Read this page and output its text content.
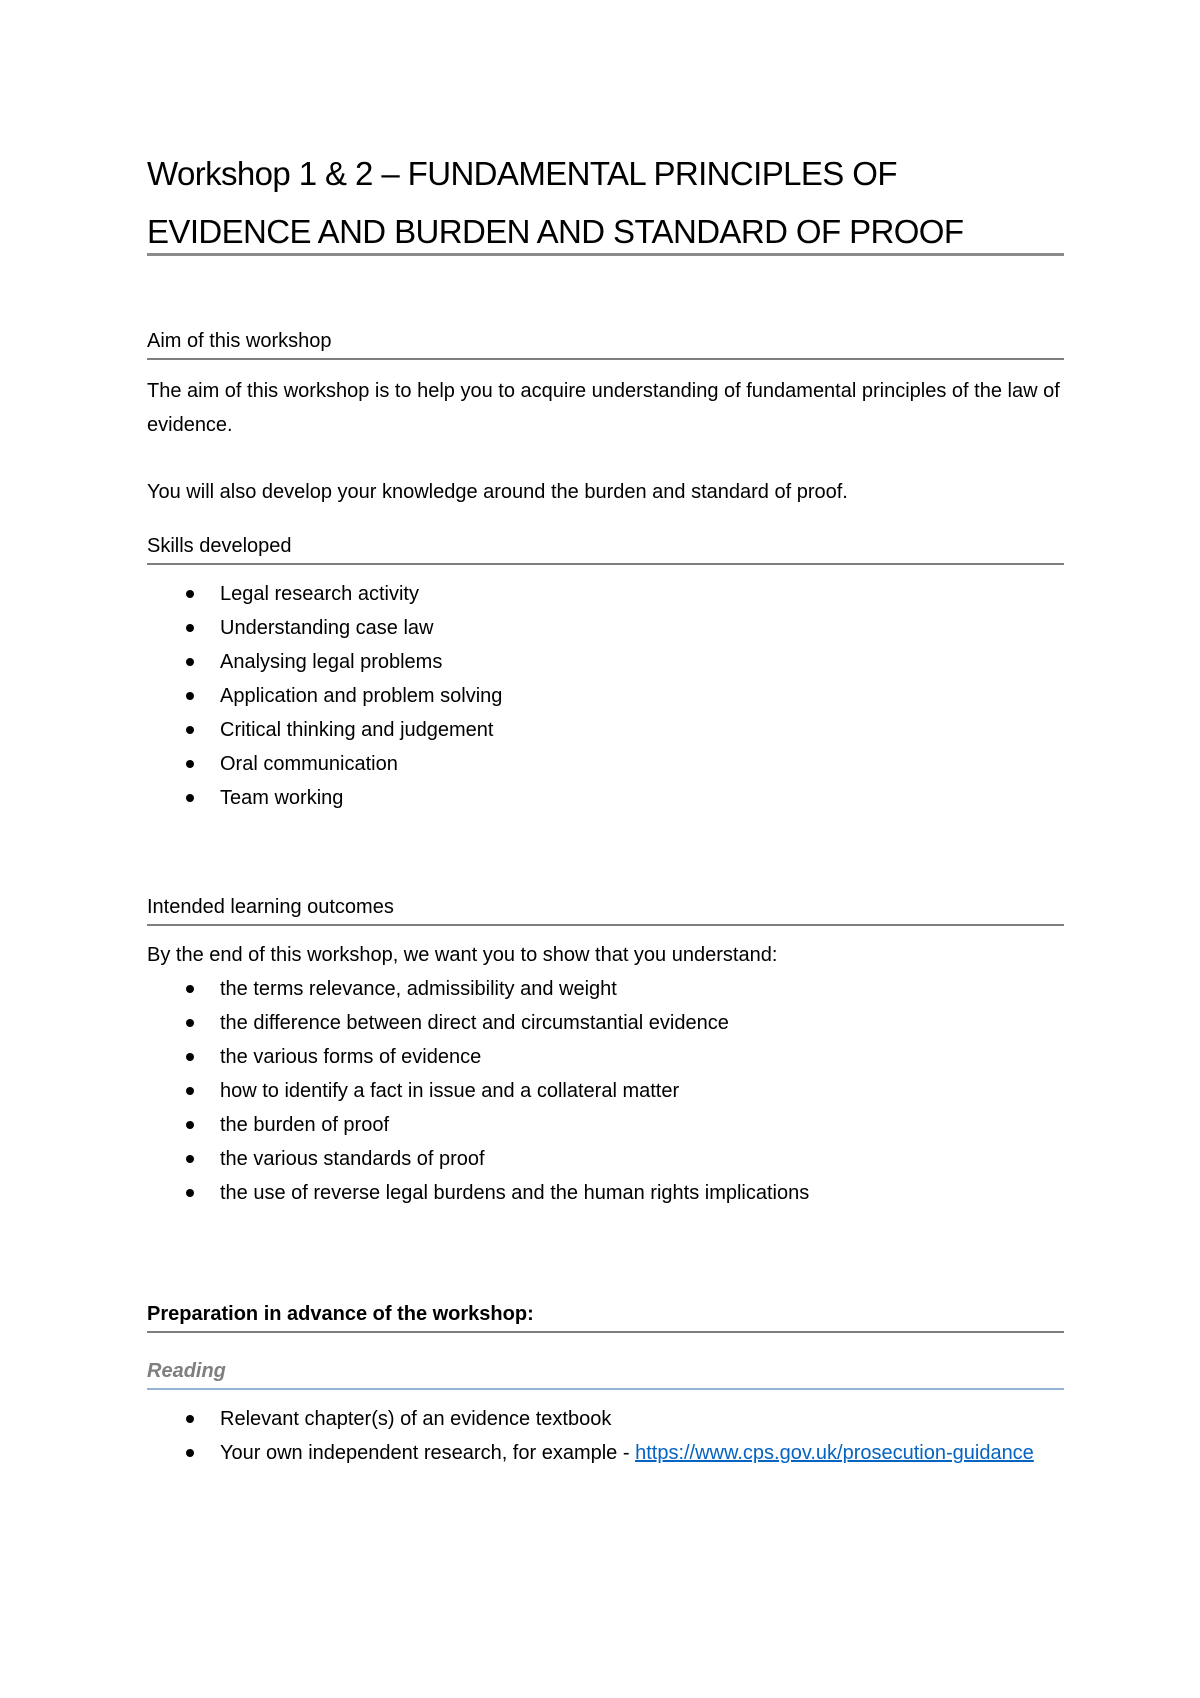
Workshop 1 & 2 – FUNDAMENTAL PRINCIPLES OF
EVIDENCE AND BURDEN AND STANDARD OF PROOF
Aim of this workshop

The aim of this workshop is to help you to acquire understanding of fundamental principles of the law of evidence.

You will also develop your knowledge around the burden and standard of proof.

Skills developed
Legal research activity
Understanding case law
Analysing legal problems
Application and problem solving
Critical thinking and judgement
Oral communication
Team working
Intended learning outcomes

By the end of this workshop, we want you to show that you understand:

the terms relevance, admissibility and weight
the difference between direct and circumstantial evidence
the various forms of evidence
how to identify a fact in issue and a collateral matter
the burden of proof
the various standards of proof
the use of reverse legal burdens and the human rights implications
Preparation in advance of the workshop:
Reading
Relevant chapter(s) of an evidence textbook
Your own independent research, for example - https://www.cps.gov.uk/prosecution-guidance
